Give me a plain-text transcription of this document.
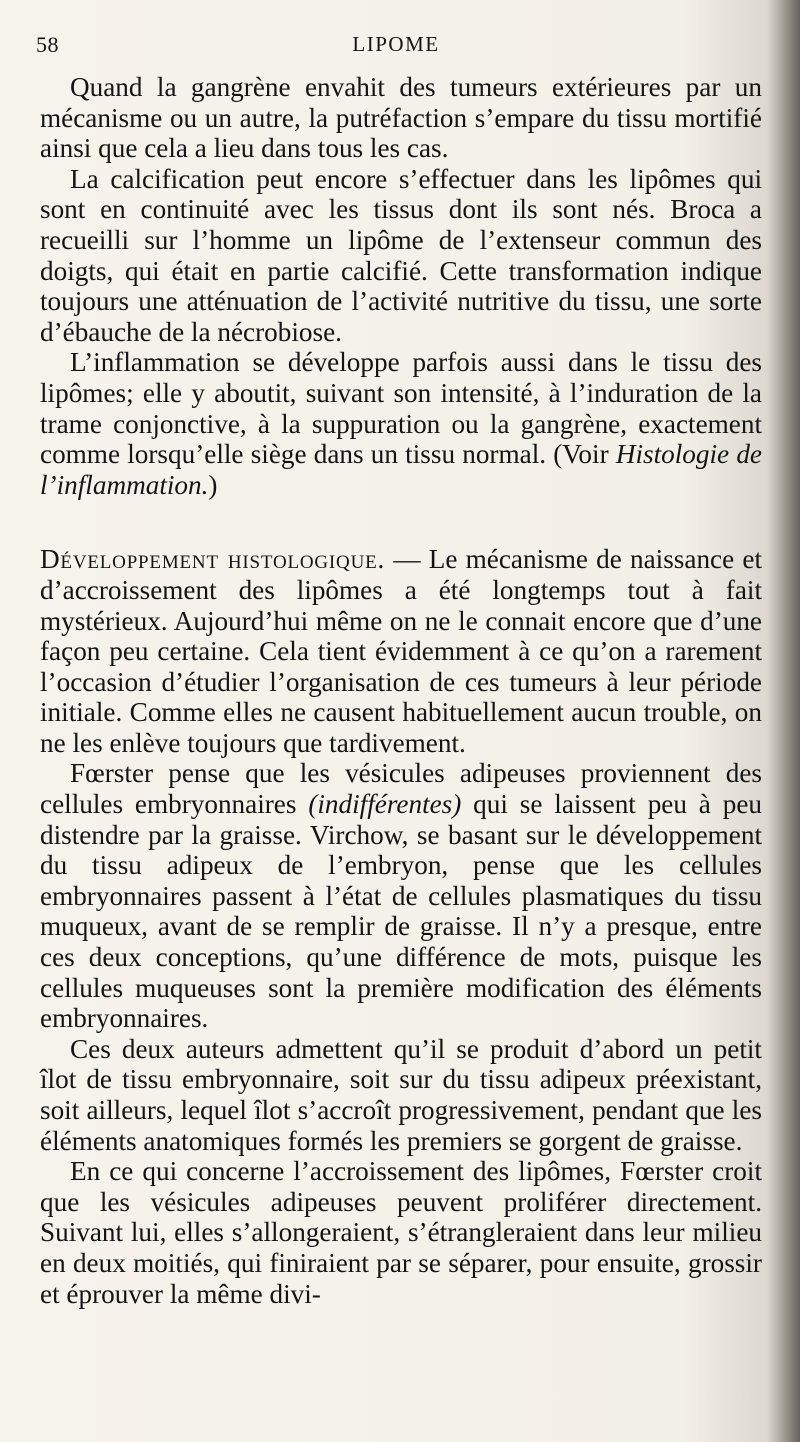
58	LIPOME

Quand la gangrène envahit des tumeurs extérieures par un mécanisme ou un autre, la putréfaction s’empare du tissu mortifié ainsi que cela a lieu dans tous les cas.

La calcification peut encore s’effectuer dans les lipômes qui sont en continuité avec les tissus dont ils sont nés. Broca a recueilli sur l’homme un lipôme de l’extenseur commun des doigts, qui était en partie calcifié. Cette transformation indique toujours une atténuation de l’activité nutritive du tissu, une sorte d’ébauche de la nécrobiose.

L’inflammation se développe parfois aussi dans le tissu des lipômes; elle y aboutit, suivant son intensité, à l’induration de la trame conjonctive, à la suppuration ou la gangrène, exactement comme lorsqu’elle siège dans un tissu normal. (Voir Histologie de l’inflammation.)

Développement histologique. — Le mécanisme de naissance et d’accroissement des lipômes a été longtemps tout à fait mystérieux. Aujourd’hui même on ne le connait encore que d’une façon peu certaine. Cela tient évidemment à ce qu’on a rarement l’occasion d’étudier l’organisation de ces tumeurs à leur période initiale. Comme elles ne causent habituellement aucun trouble, on ne les enlève toujours que tardivement.

Fœrster pense que les vésicules adipeuses proviennent des cellules embryonnaires (indifférentes) qui se laissent peu à peu distendre par la graisse. Virchow, se basant sur le développement du tissu adipeux de l’embryon, pense que les cellules embryonnaires passent à l’état de cellules plasmatiques du tissu muqueux, avant de se remplir de graisse. Il n’y a presque, entre ces deux conceptions, qu’une différence de mots, puisque les cellules muqueuses sont la première modification des éléments embryonnaires.

Ces deux auteurs admettent qu’il se produit d’abord un petit îlot de tissu embryonnaire, soit sur du tissu adipeux préexistant, soit ailleurs, lequel îlot s’accroît progressivement, pendant que les éléments anatomiques formés les premiers se gorgent de graisse.

En ce qui concerne l’accroissement des lipômes, Fœrster croit que les vésicules adipeuses peuvent proliférer directement. Suivant lui, elles s’allongeraient, s’étrangleraient dans leur milieu en deux moitiés, qui finiraient par se séparer, pour ensuite, grossir et éprouver la même divi-
